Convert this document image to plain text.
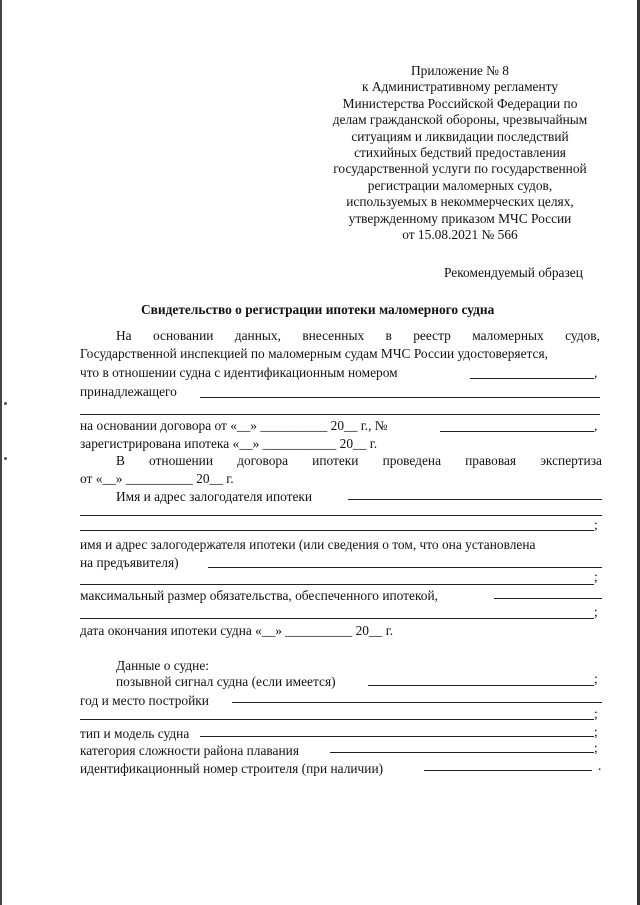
Приложение № 8
к Административному регламенту
Министерства Российской Федерации по
делам гражданской обороны, чрезвычайным
ситуациям и ликвидации последствий
стихийных бедствий предоставления
государственной услуги по государственной
регистрации маломерных судов,
используемых в некоммерческих целях,
утвержденному приказом МЧС России
от 15.08.2021 № 566
Рекомендуемый образец
Свидетельство о регистрации ипотеки маломерного судна
На основании данных, внесенных в реестр маломерных судов,
Государственной инспекцией по маломерным судам МЧС России удостоверяется,
что в отношении судна с идентификационным номером	,
принадлежащего
на основании договора от «__» __________ 20__ г., №	,
зарегистрирована ипотека «__» ___________ 20__ г.
В отношении договора ипотеки проведена правовая экспертиза
от «__» __________ 20__ г.
Имя и адрес залогодателя ипотеки
;
имя и адрес залогодержателя ипотеки (или сведения о том, что она установлена
на предъявителя)
;
максимальный размер обязательства, обеспеченного ипотекой,
;
дата окончания ипотеки судна «__» __________ 20__ г.
Данные о судне:
позывной сигнал судна (если имеется)	;
год и место постройки
;
тип и модель судна	;
категория сложности района плавания	;
идентификационный номер строителя (при наличии)	.
